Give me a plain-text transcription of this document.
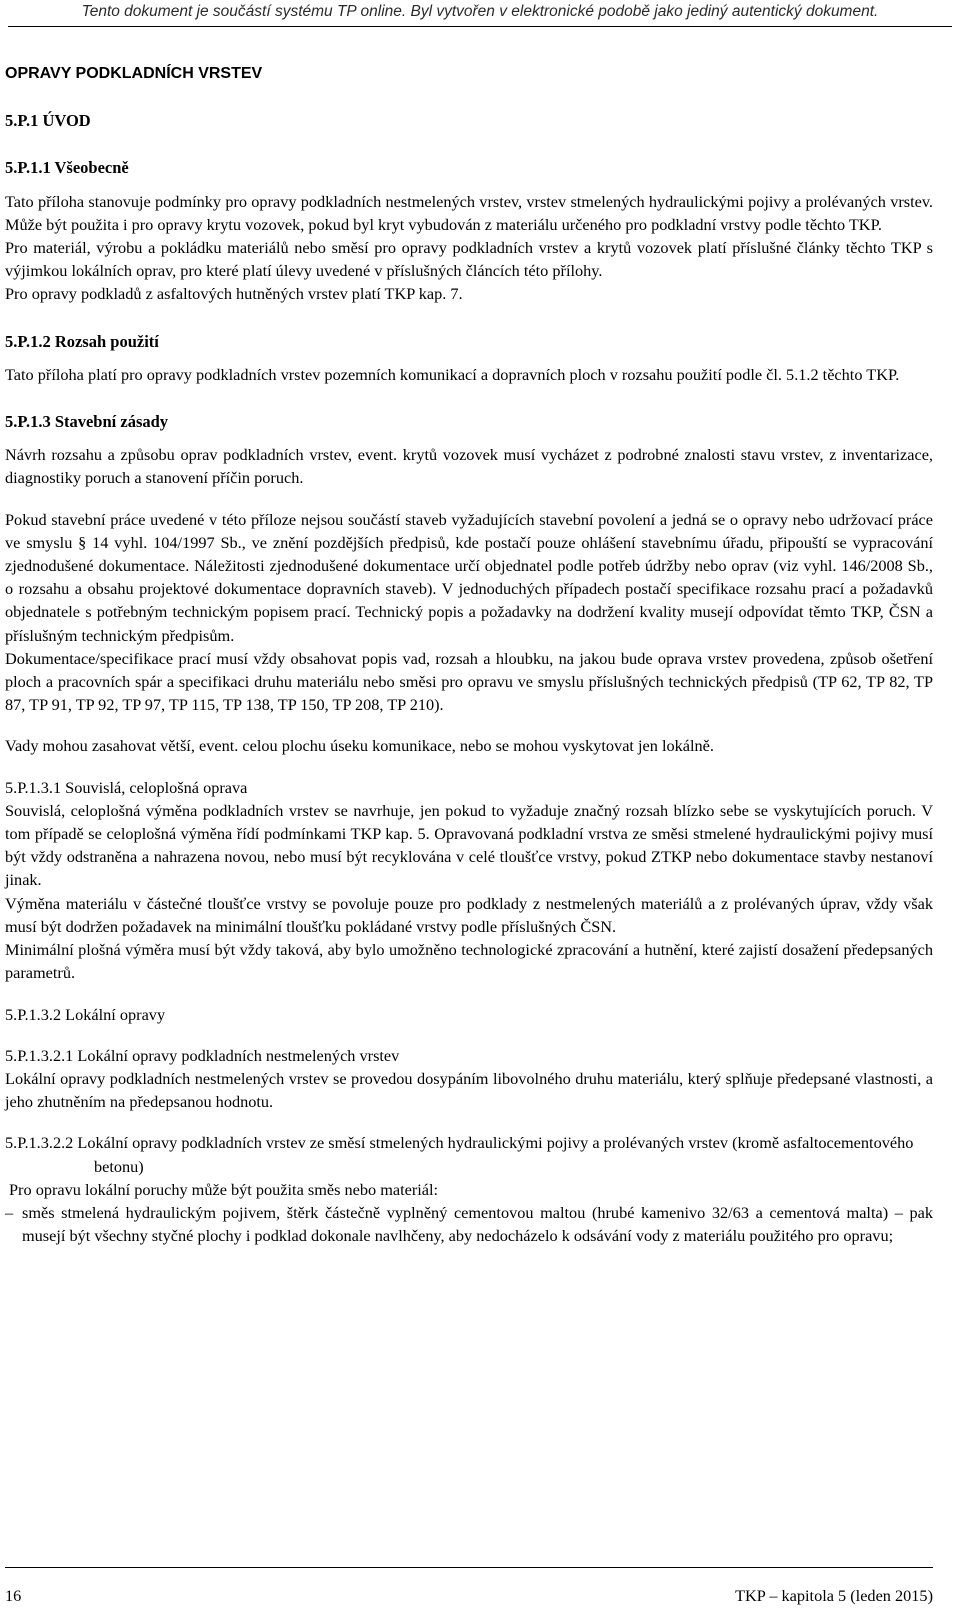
Tento dokument je součástí systému TP online. Byl vytvořen v elektronické podobě jako jediný autentický dokument.
OPRAVY PODKLADNÍCH VRSTEV
5.P.1 ÚVOD
5.P.1.1 Všeobecně

Tato příloha stanovuje podmínky pro opravy podkladních nestmelených vrstev, vrstev stmelených hydraulickými pojivy a prolévaných vrstev. Může být použita i pro opravy krytu vozovek, pokud byl kryt vybudován z materiálu určeného pro podkladní vrstvy podle těchto TKP.

Pro materiál, výrobu a pokládku materiálů nebo směsí pro opravy podkladních vrstev a krytů vozovek platí příslušné články těchto TKP s výjimkou lokálních oprav, pro které platí úlevy uvedené v příslušných článcích této přílohy.

Pro opravy podkladů z asfaltových hutněných vrstev platí TKP kap. 7.

5.P.1.2 Rozsah použití

Tato příloha platí pro opravy podkladních vrstev pozemních komunikací a dopravních ploch v rozsahu použití podle čl. 5.1.2 těchto TKP.

5.P.1.3 Stavební zásady

Návrh rozsahu a způsobu oprav podkladních vrstev, event. krytů vozovek musí vycházet z podrobné znalosti stavu vrstev, z inventarizace, diagnostiky poruch a stanovení příčin poruch.

Pokud stavební práce uvedené v této příloze nejsou součástí staveb vyžadujících stavební povolení a jedná se o opravy nebo udržovací práce ve smyslu § 14 vyhl. 104/1997 Sb., ve znění pozdějších předpisů, kde postačí pouze ohlášení stavebnímu úřadu, připouští se vypracování zjednodušené dokumentace. Náležitosti zjednodušené dokumentace určí objednatel podle potřeb údržby nebo oprav (viz vyhl. 146/2008 Sb., o rozsahu a obsahu projektové dokumentace dopravních staveb). V jednoduchých případech postačí specifikace rozsahu prací a požadavků objednatele s potřebným technickým popisem prací. Technický popis a požadavky na dodržení kvality musejí odpovídat těmto TKP, ČSN a příslušným technickým předpisům.

Dokumentace/specifikace prací musí vždy obsahovat popis vad, rozsah a hloubku, na jakou bude oprava vrstev provedena, způsob ošetření ploch a pracovních spár a specifikaci druhu materiálu nebo směsi pro opravu ve smyslu příslušných technických předpisů (TP 62, TP 82, TP 87, TP 91, TP 92, TP 97, TP 115, TP 138, TP 150, TP 208, TP 210).

Vady mohou zasahovat větší, event. celou plochu úseku komunikace, nebo se mohou vyskytovat jen lokálně.

5.P.1.3.1 Souvislá, celoplošná oprava

Souvislá, celoplošná výměna podkladních vrstev se navrhuje, jen pokud to vyžaduje značný rozsah blízko sebe se vyskytujících poruch. V tom případě se celoplošná výměna řídí podmínkami TKP kap. 5. Opravovaná podkladní vrstva ze směsi stmelené hydraulickými pojivy musí být vždy odstraněna a nahrazena novou, nebo musí být recyklována v celé tloušťce vrstvy, pokud ZTKP nebo dokumentace stavby nestanoví jinak.

Výměna materiálu v částečné tloušťce vrstvy se povoluje pouze pro podklady z nestmelených materiálů a z prolévaných úprav, vždy však musí být dodržen požadavek na minimální tloušťku pokládané vrstvy podle příslušných ČSN.

Minimální plošná výměra musí být vždy taková, aby bylo umožněno technologické zpracování a hutnění, které zajistí dosažení předepsaných parametrů.

5.P.1.3.2 Lokální opravy
5.P.1.3.2.1 Lokální opravy podkladních nestmelených vrstev

Lokální opravy podkladních nestmelených vrstev se provedou dosypáním libovolného druhu materiálu, který splňuje předepsané vlastnosti, a jeho zhutněním na předepsanou hodnotu.

5.P.1.3.2.2 Lokální opravy podkladních vrstev ze směsí stmelených hydraulickými pojivy a prolévaných vrstev (kromě asfaltocementového betonu)

Pro opravu lokální poruchy může být použita směs nebo materiál:

– směs stmelená hydraulickým pojivem, štěrk částečně vyplněný cementovou maltou (hrubé kamenivo 32/63 a cementová malta) – pak musejí být všechny styčné plochy i podklad dokonale navlhčeny, aby nedocházelo k odsávání vody z materiálu použitého pro opravu;
16	TKP – kapitola 5 (leden 2015)
